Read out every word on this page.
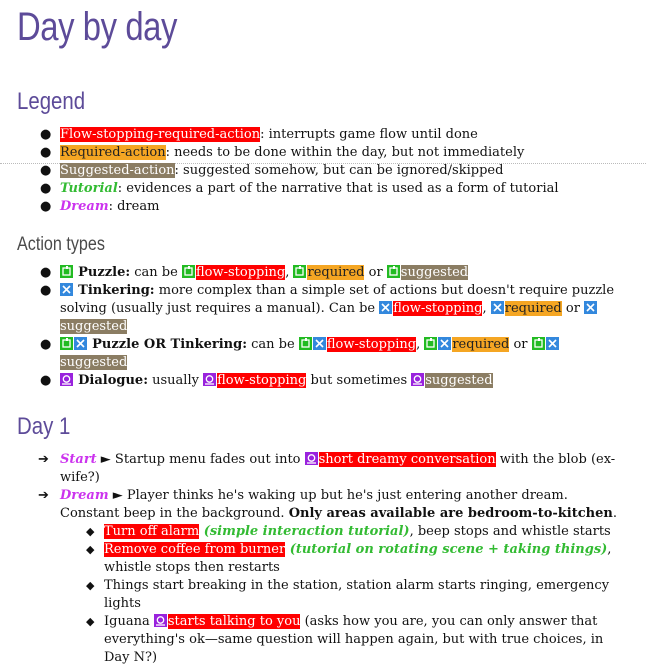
Day by day
Legend
● Flow-stopping-required-action: interrupts game flow until done
● Required-action: needs to be done within the day, but not immediately
● Suggested-action: suggested somehow, but can be ignored/skipped
● Tutorial: evidences a part of the narrative that is used as a form of tutorial
● Dream: dream
Action types
● Puzzle: can be
flow-stopping,
required or
suggested
● Tinkering: more complex than a simple set of actions but doesn't require puzzle solving (usually just requires a manual). Can be
flow-stopping,
required or
suggested
●	Puzzle OR Tinkering: can be
flow-stopping,
required or
suggested
● Dialogue: usually
flow-stopping but sometimes
suggested
Day 1
➔ Start ► Startup menu fades out into
short dreamy conversation with the blob (ex-wife?)
➔ Dream ► Player thinks he's waking up but he's just entering another dream. Constant beep in the background. Only areas available are bedroom-to-kitchen.
◆ Turn off alarm (simple interaction tutorial), beep stops and whistle starts
◆ Remove coffee from burner (tutorial on rotating scene + taking things), whistle stops then restarts
◆ Things start breaking in the station, station alarm starts ringing, emergency lights
◆ Iguana
starts talking to you (asks how you are, you can only answer that everything's ok—same question will happen again, but with true choices, in Day N?)
